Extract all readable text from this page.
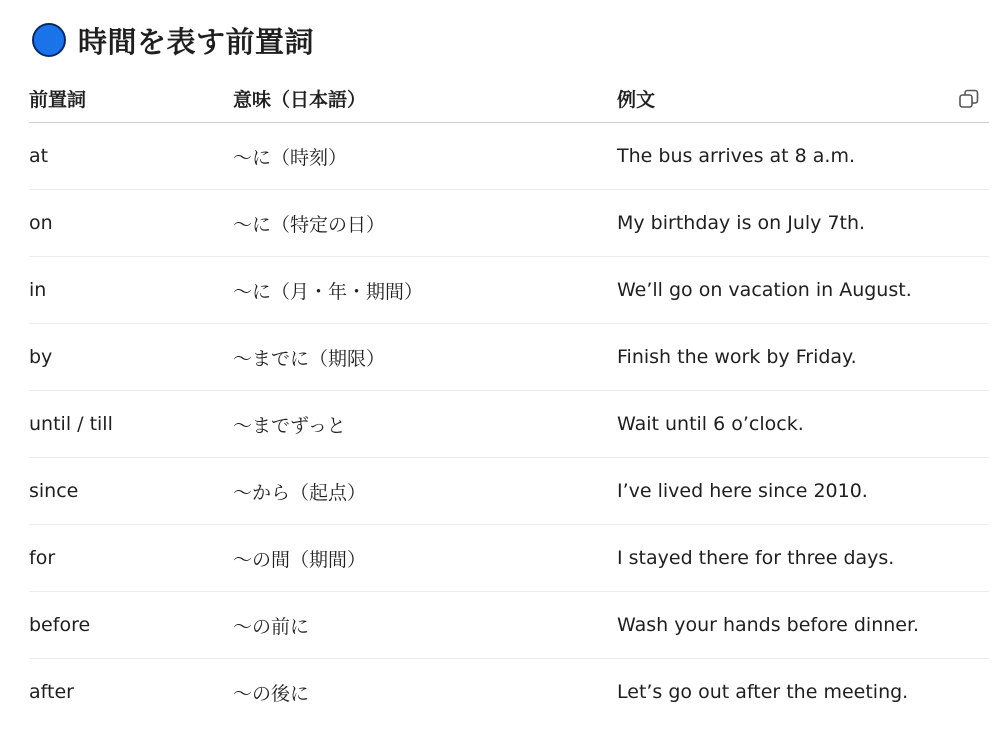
時間を表す前置詞
前置詞	意味（日本語）	例文
at	〜に（時刻）	The bus arrives at 8 a.m.
on	〜に（特定の日）	My birthday is on July 7th.
in	〜に（月・年・期間）	We’ll go on vacation in August.
by	〜までに（期限）	Finish the work by Friday.
until / till	〜までずっと	Wait until 6 o’clock.
since	〜から（起点）	I’ve lived here since 2010.
for	〜の間（期間）	I stayed there for three days.
before	〜の前に	Wash your hands before dinner.
after	〜の後に	Let’s go out after the meeting.
